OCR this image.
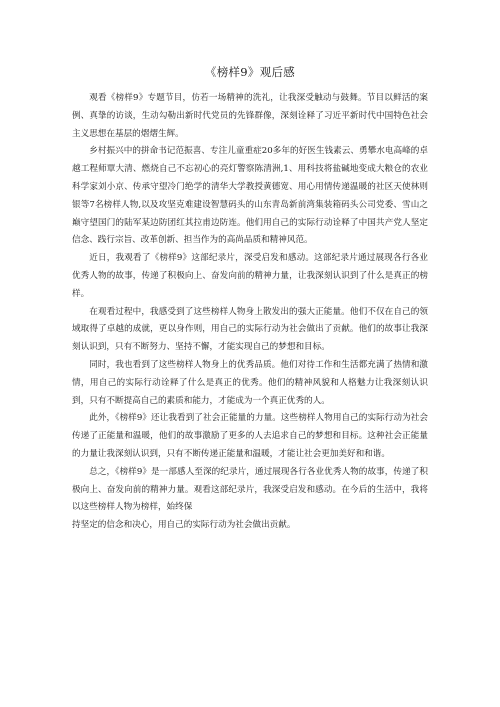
《榜样9》观后感

观看《榜样9》专题节目，仿若一场精神的洗礼，让我深受触动与鼓舞。节目以鲜活的案例、真挚的访谈，生动勾勒出新时代党员的先锋群像，深刻诠释了习近平新时代中国特色社会主义思想在基层的熠熠生辉。

乡村振兴中的拼命书记范振喜、专注儿童重症20多年的好医生钱素云、勇攀水电高峰的卓越工程师覃大清、燃烧自己不忘初心的亮灯警察陈清洲,1、用科技将盐碱地变成大粮仓的农业科学家刘小京、传承守望冷门绝学的清华大学教授黄德宽、用心用情传递温暖的社区天使林则银等7名榜样人物,以及攻坚克难建设智慧码头的山东青岛新前湾集装箱码头公司党委、雪山之巅守望国门的陆军某边防团红其拉甫边防连。他们用自己的实际行动诠释了中国共产党人坚定信念、践行宗旨、改革创新、担当作为的高尚品质和精神风范。

近日，我观看了《榜样9》这部纪录片，深受启发和感动。这部纪录片通过展现各行各业优秀人物的故事，传递了积极向上、奋发向前的精神力量，让我深刻认识到了什么是真正的榜样。

在观看过程中，我感受到了这些榜样人物身上散发出的强大正能量。他们不仅在自己的领域取得了卓越的成就，更以身作则，用自己的实际行动为社会做出了贡献。他们的故事让我深刻认识到，只有不断努力、坚持不懈，才能实现自己的梦想和目标。

同时，我也看到了这些榜样人物身上的优秀品质。他们对待工作和生活都充满了热情和激情，用自己的实际行动诠释了什么是真正的优秀。他们的精神风貌和人格魅力让我深刻认识到，只有不断提高自己的素质和能力，才能成为一个真正优秀的人。

此外，《榜样9》还让我看到了社会正能量的力量。这些榜样人物用自己的实际行动为社会传递了正能量和温暖，他们的故事激励了更多的人去追求自己的梦想和目标。这种社会正能量的力量让我深刻认识到，只有不断传递正能量和温暖，才能让社会更加美好和和谐。

总之，《榜样9》是一部感人至深的纪录片，通过展现各行各业优秀人物的故事，传递了积极向上、奋发向前的精神力量。观看这部纪录片，我深受启发和感动。在今后的生活中，我将以这些榜样人物为榜样，始终保

持坚定的信念和决心，用自己的实际行动为社会做出贡献。
